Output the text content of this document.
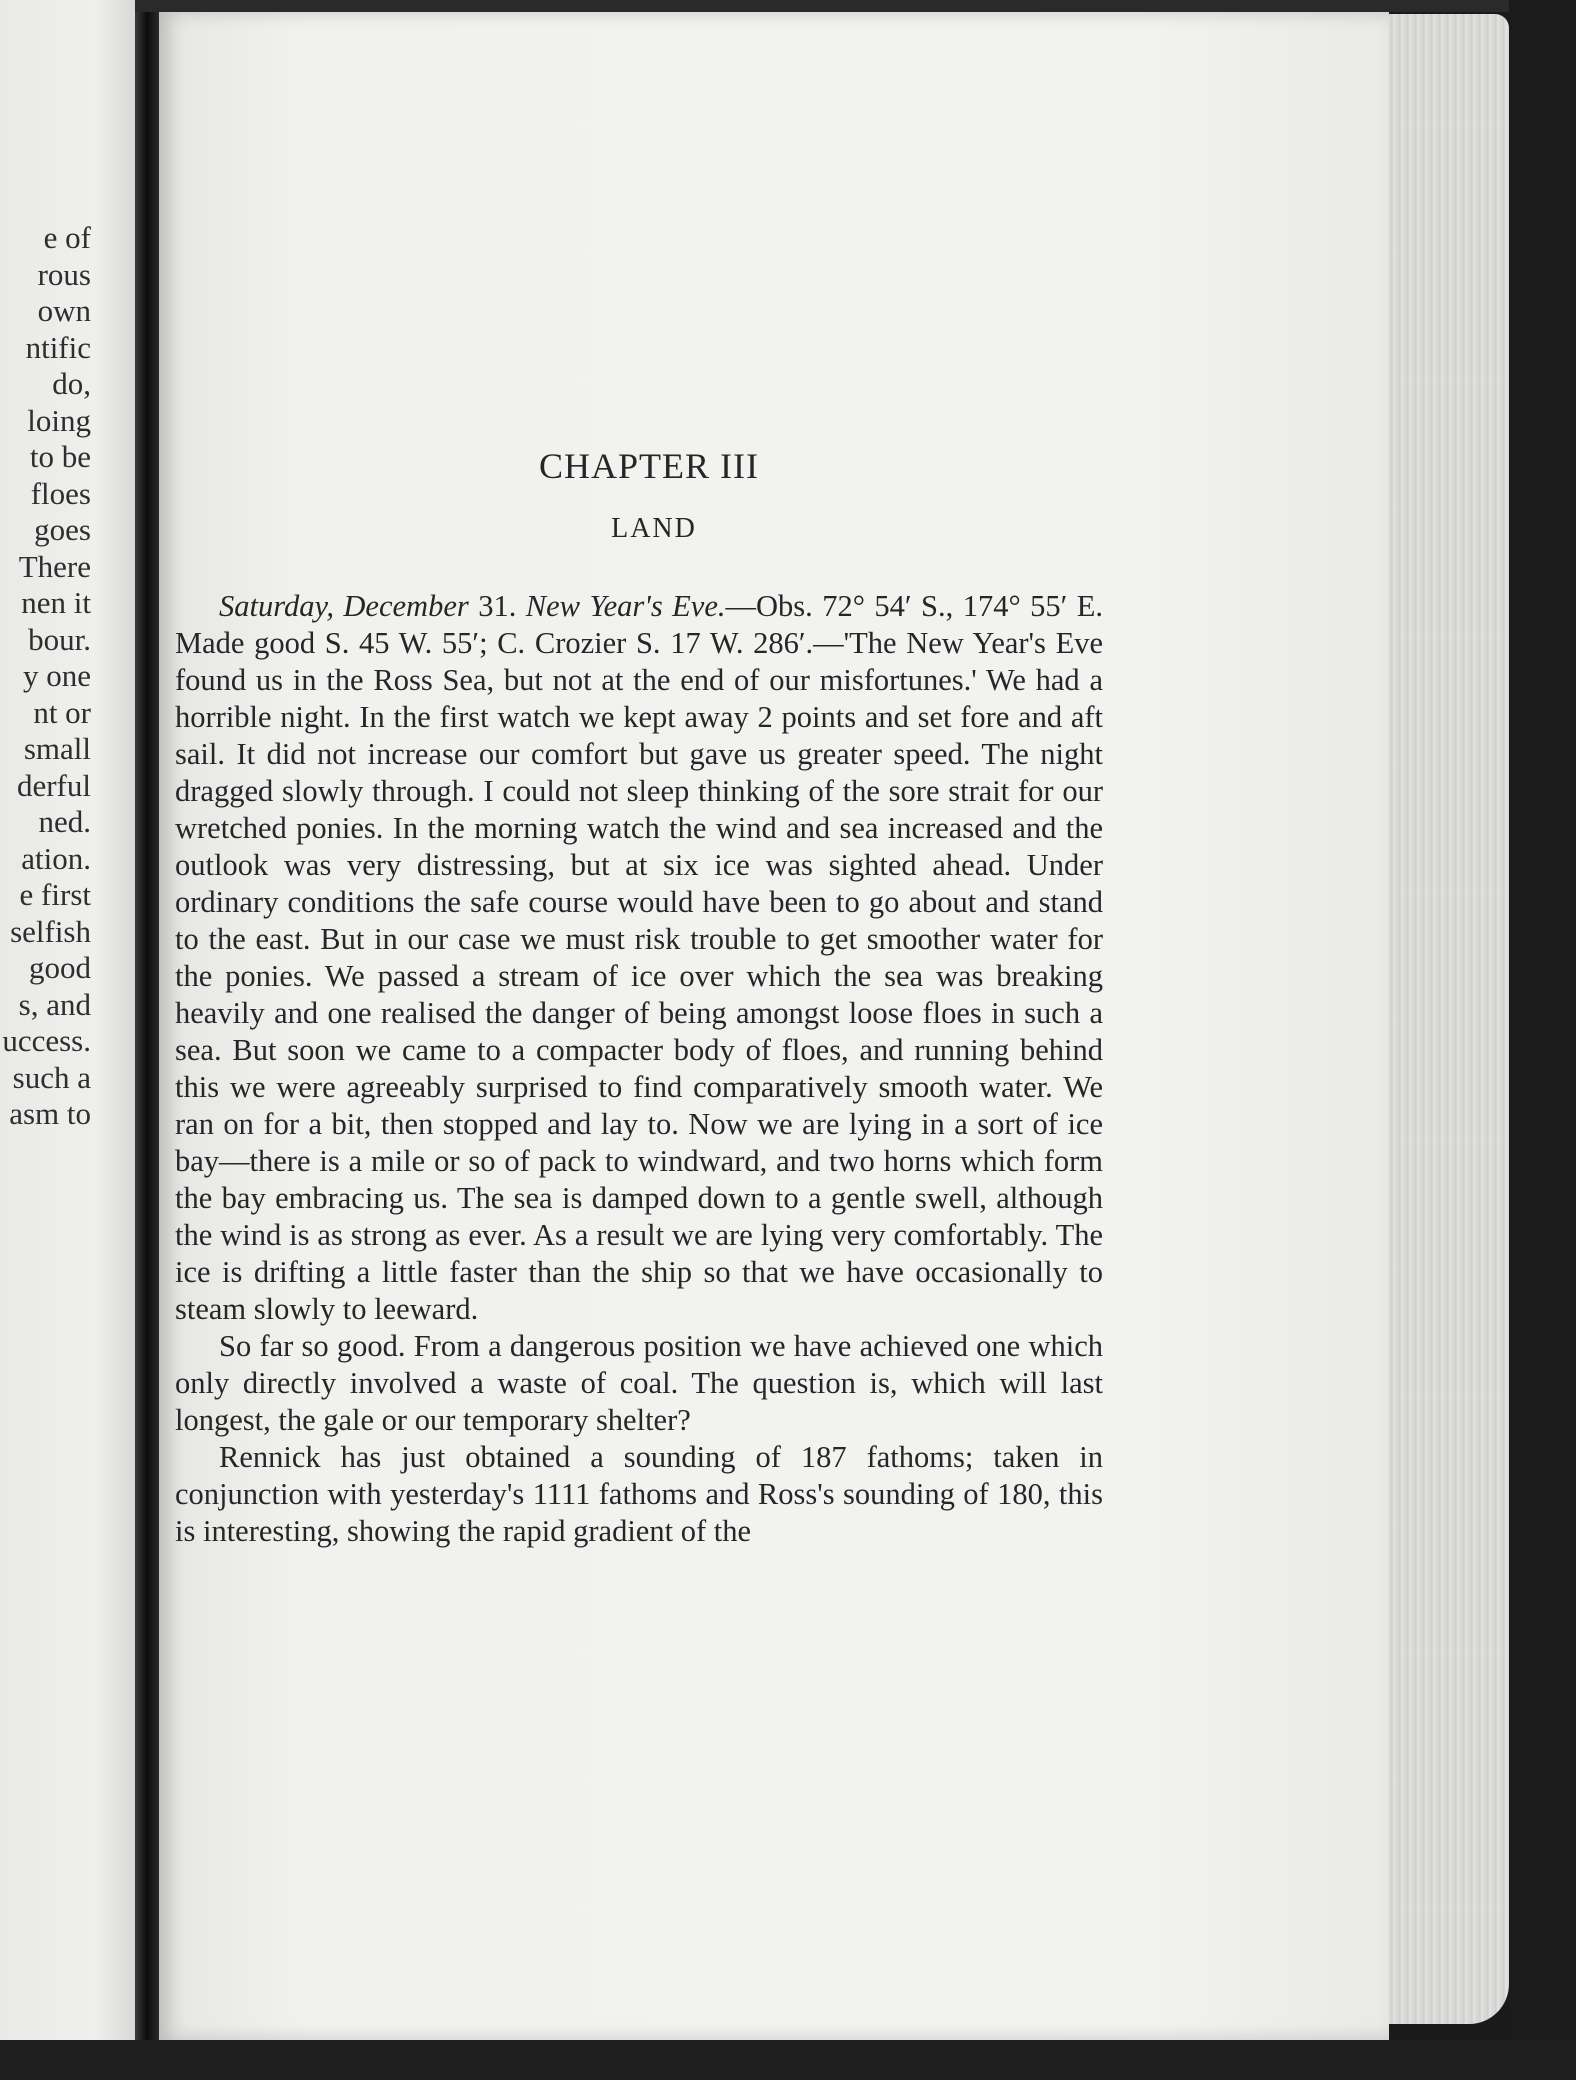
e of
rous
own
ntific
do,
loing
to be
floes
goes
There
nen it
bour.
y one
nt or
small
derful
ned.
ation.
e first
selfish
good
s, and
uccess.
such a
asm to
CHAPTER III
LAND

Saturday, December 31. New Year's Eve.—Obs. 72° 54′ S., 174° 55′ E. Made good S. 45 W. 55′; C. Crozier S. 17 W. 286′.—'The New Year's Eve found us in the Ross Sea, but not at the end of our misfortunes.' We had a horrible night. In the first watch we kept away 2 points and set fore and aft sail. It did not increase our comfort but gave us greater speed. The night dragged slowly through. I could not sleep thinking of the sore strait for our wretched ponies. In the morning watch the wind and sea increased and the outlook was very distressing, but at six ice was sighted ahead. Under ordinary conditions the safe course would have been to go about and stand to the east. But in our case we must risk trouble to get smoother water for the ponies. We passed a stream of ice over which the sea was breaking heavily and one realised the danger of being amongst loose floes in such a sea. But soon we came to a compacter body of floes, and running behind this we were agreeably surprised to find comparatively smooth water. We ran on for a bit, then stopped and lay to. Now we are lying in a sort of ice bay—there is a mile or so of pack to windward, and two horns which form the bay embracing us. The sea is damped down to a gentle swell, although the wind is as strong as ever. As a result we are lying very comfortably. The ice is drifting a little faster than the ship so that we have occasionally to steam slowly to leeward.

So far so good. From a dangerous position we have achieved one which only directly involved a waste of coal. The question is, which will last longest, the gale or our temporary shelter?

Rennick has just obtained a sounding of 187 fathoms; taken in conjunction with yesterday's 1111 fathoms and Ross's sounding of 180, this is interesting, showing the rapid gradient of the
